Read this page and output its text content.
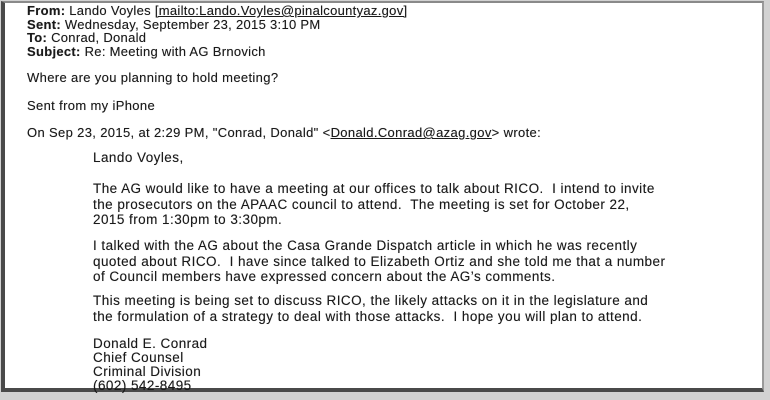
From: Lando Voyles [mailto:Lando.Voyles@pinalcountyaz.gov]
Sent: Wednesday, September 23, 2015 3:10 PM
To: Conrad, Donald
Subject: Re: Meeting with AG Brnovich
Where are you planning to hold meeting?
Sent from my iPhone
On Sep 23, 2015, at 2:29 PM, "Conrad, Donald" <Donald.Conrad@azag.gov> wrote:
Lando Voyles,
The AG would like to have a meeting at our offices to talk about RICO.  I intend to invite
the prosecutors on the APAAC council to attend.  The meeting is set for October 22,
2015 from 1:30pm to 3:30pm.
I talked with the AG about the Casa Grande Dispatch article in which he was recently
quoted about RICO.  I have since talked to Elizabeth Ortiz and she told me that a number
of Council members have expressed concern about the AG’s comments.
This meeting is being set to discuss RICO, the likely attacks on it in the legislature and
the formulation of a strategy to deal with those attacks.  I hope you will plan to attend.
Donald E. Conrad
Chief Counsel
Criminal Division
(602) 542-8495
